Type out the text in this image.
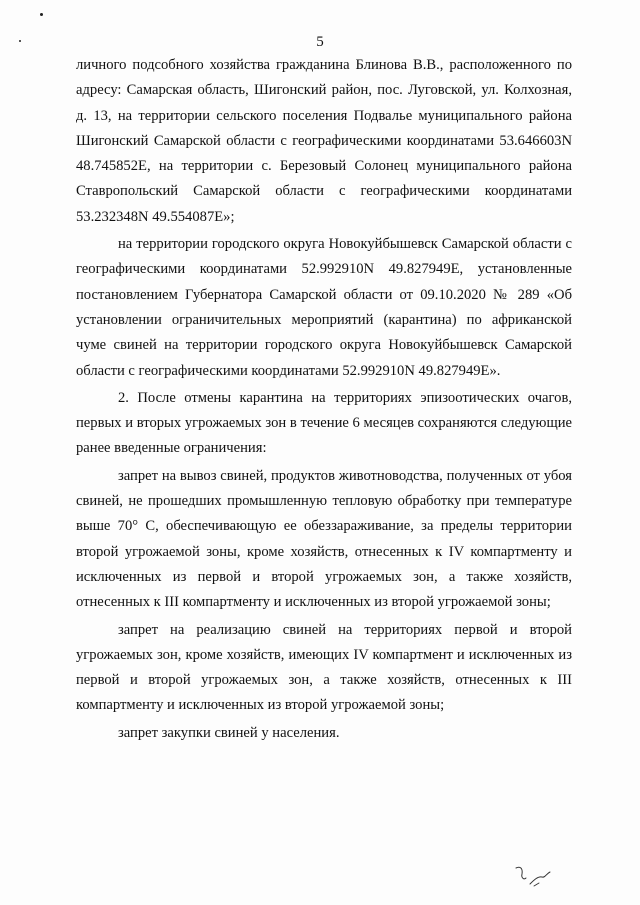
5

личного подсобного хозяйства гражданина Блинова В.В., расположенного по адресу: Самарская область, Шигонский район, пос. Луговской, ул. Колхозная, д. 13, на территории сельского поселения Подвалье муниципального района Шигонский Самарской области с географическими координатами 53.646603N 48.745852E, на территории с. Березовый Солонец муниципального района Ставропольский Самарской области с географическими координатами 53.232348N 49.554087E»;

на территории городского округа Новокуйбышевск Самарской области с географическими координатами 52.992910N 49.827949E, установленные постановлением Губернатора Самарской области от 09.10.2020 № 289 «Об установлении ограничительных мероприятий (карантина) по африканской чуме свиней на территории городского округа Новокуйбышевск Самарской области с географическими координатами 52.992910N 49.827949E».

2. После отмены карантина на территориях эпизоотических очагов, первых и вторых угрожаемых зон в течение 6 месяцев сохраняются следующие ранее введенные ограничения:

запрет на вывоз свиней, продуктов животноводства, полученных от убоя свиней, не прошедших промышленную тепловую обработку при температуре выше 70° С, обеспечивающую ее обеззараживание, за пределы территории второй угрожаемой зоны, кроме хозяйств, отнесенных к IV компартменту и исключенных из первой и второй угрожаемых зон, а также хозяйств, отнесенных к III компартменту и исключенных из второй угрожаемой зоны;

запрет на реализацию свиней на территориях первой и второй угрожаемых зон, кроме хозяйств, имеющих IV компартмент и исключенных из первой и второй угрожаемых зон, а также хозяйств, отнесенных к III компартменту и исключенных из второй угрожаемой зоны;

запрет закупки свиней у населения.
